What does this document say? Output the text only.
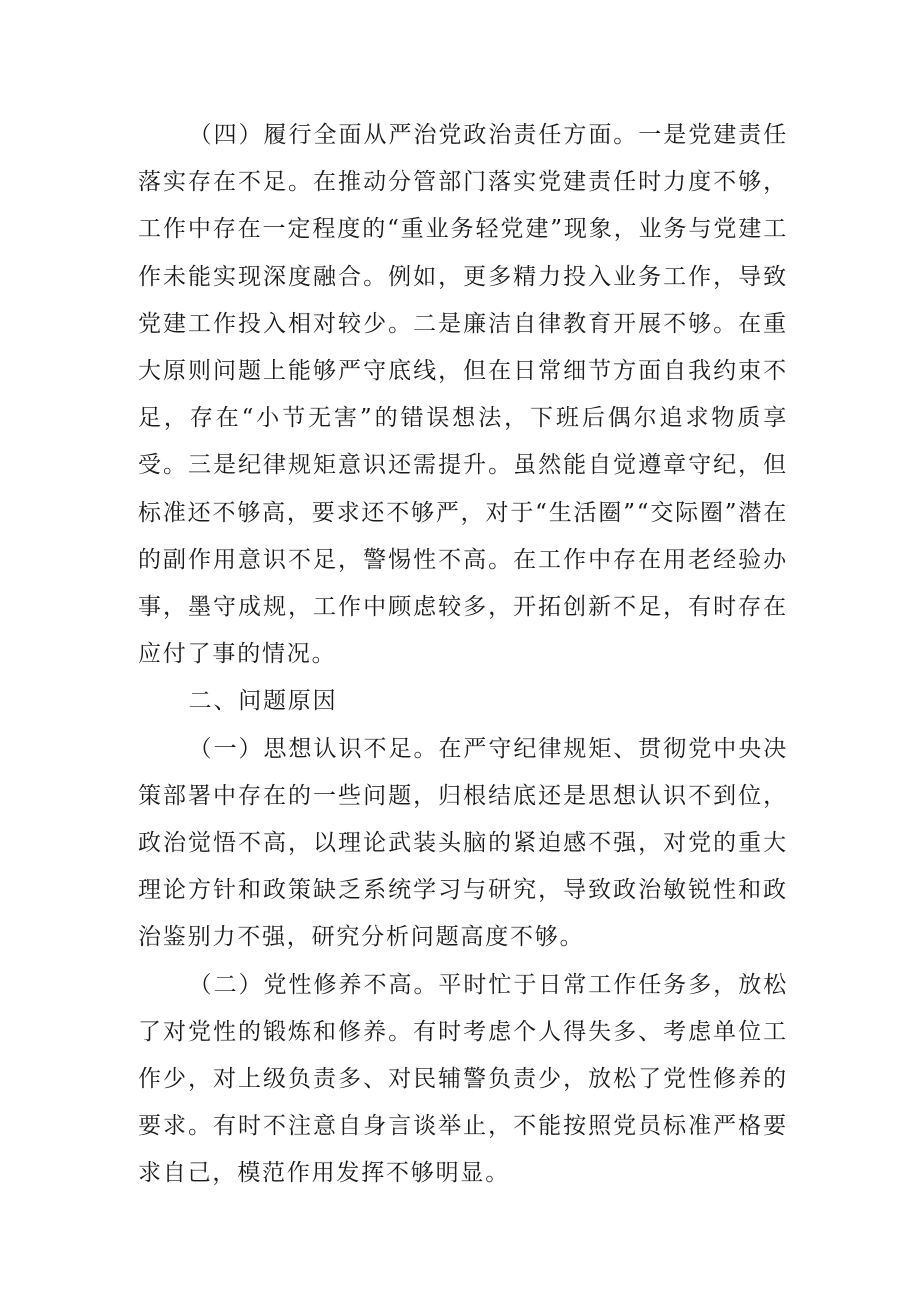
（四）履行全面从严治党政治责任方面。一是党建责任落实存在不足。在推动分管部门落实党建责任时力度不够，工作中存在一定程度的“重业务轻党建”现象，业务与党建工作未能实现深度融合。例如，更多精力投入业务工作，导致党建工作投入相对较少。二是廉洁自律教育开展不够。在重大原则问题上能够严守底线，但在日常细节方面自我约束不足，存在“小节无害”的错误想法，下班后偶尔追求物质享受。三是纪律规矩意识还需提升。虽然能自觉遵章守纪，但标准还不够高，要求还不够严，对于“生活圈”“交际圈”潜在的副作用意识不足，警惕性不高。在工作中存在用老经验办事，墨守成规，工作中顾虑较多，开拓创新不足，有时存在应付了事的情况。

二、问题原因

（一）思想认识不足。在严守纪律规矩、贯彻党中央决策部署中存在的一些问题，归根结底还是思想认识不到位，政治觉悟不高，以理论武装头脑的紧迫感不强，对党的重大理论方针和政策缺乏系统学习与研究，导致政治敏锐性和政治鉴别力不强，研究分析问题高度不够。

（二）党性修养不高。平时忙于日常工作任务多，放松了对党性的锻炼和修养。有时考虑个人得失多、考虑单位工作少，对上级负责多、对民辅警负责少，放松了党性修养的要求。有时不注意自身言谈举止，不能按照党员标准严格要求自己，模范作用发挥不够明显。
